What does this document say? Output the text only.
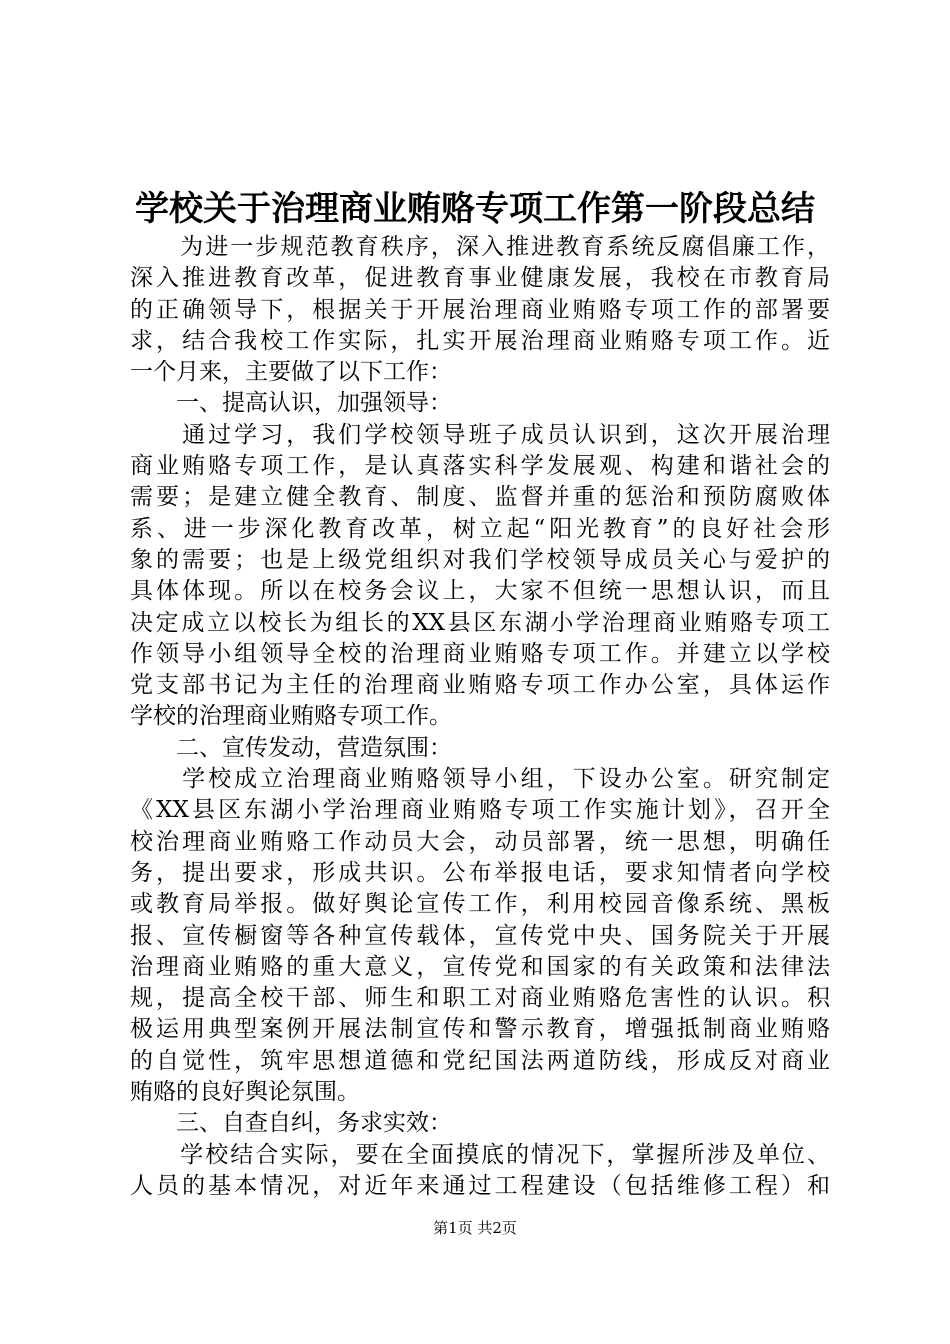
学校关于治理商业贿赂专项工作第一阶段总结
　　为进一步规范教育秩序，深入推进教育系统反腐倡廉工作，
深入推进教育改革，促进教育事业健康发展，我校在市教育局
的正确领导下，根据关于开展治理商业贿赂专项工作的部署要
求，结合我校工作实际，扎实开展治理商业贿赂专项工作。近
一个月来，主要做了以下工作：
　　一、提高认识，加强领导：
　　通过学习，我们学校领导班子成员认识到，这次开展治理
商业贿赂专项工作，是认真落实科学发展观、构建和谐社会的
需要；是建立健全教育、制度、监督并重的惩治和预防腐败体
系、进一步深化教育改革，树立起“阳光教育”的良好社会形
象的需要；也是上级党组织对我们学校领导成员关心与爱护的
具体体现。所以在校务会议上，大家不但统一思想认识，而且
决定成立以校长为组长的XX县区东湖小学治理商业贿赂专项工
作领导小组领导全校的治理商业贿赂专项工作。并建立以学校
党支部书记为主任的治理商业贿赂专项工作办公室，具体运作
学校的治理商业贿赂专项工作。
　　二、宣传发动，营造氛围：
　　学校成立治理商业贿赂领导小组，下设办公室。研究制定
《XX县区东湖小学治理商业贿赂专项工作实施计划》，召开全
校治理商业贿赂工作动员大会，动员部署，统一思想，明确任
务，提出要求，形成共识。公布举报电话，要求知情者向学校
或教育局举报。做好舆论宣传工作，利用校园音像系统、黑板
报、宣传橱窗等各种宣传载体，宣传党中央、国务院关于开展
治理商业贿赂的重大意义，宣传党和国家的有关政策和法律法
规，提高全校干部、师生和职工对商业贿赂危害性的认识。积
极运用典型案例开展法制宣传和警示教育，增强抵制商业贿赂
的自觉性，筑牢思想道德和党纪国法两道防线，形成反对商业
贿赂的良好舆论氛围。
　　三、自查自纠，务求实效：
　　学校结合实际，要在全面摸底的情况下，掌握所涉及单位、
人员的基本情况，对近年来通过工程建设（包括维修工程）和
第1页 共2页
